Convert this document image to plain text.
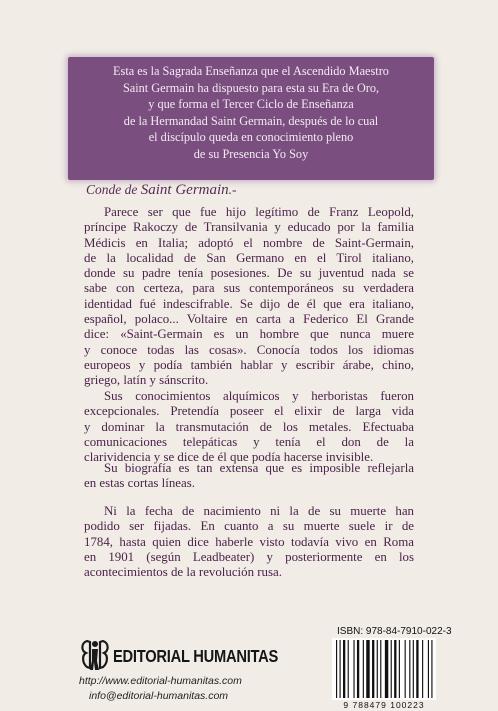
Esta es la Sagrada Enseñanza que el Ascendido Maestro
Saint Germain ha dispuesto para esta su Era de Oro,
y que forma el Tercer Ciclo de Enseñanza
de la Hermandad Saint Germain, después de lo cual
el discípulo queda en conocimiento pleno
de su Presencia Yo Soy
Conde de Saint Germain.-
Parece ser que fue hijo legítimo de Franz Leopold,
príncipe Rakoczy de Transilvania y educado por la familia
Médicis en Italia; adoptó el nombre de Saint-Germain,
de la localidad de San Germano en el Tirol italiano,
donde su padre tenía posesiones. De su juventud nada se
sabe con certeza, para sus contemporáneos su verdadera
identidad fué indescifrable. Se dijo de él que era italiano,
español, polaco... Voltaire en carta a Federico El Grande
dice: «Saint-Germain es un hombre que nunca muere
y conoce todas las cosas». Conocía todos los idiomas
europeos y podía también hablar y escribir árabe, chino,
griego, latín y sánscrito.
Sus conocimientos alquímicos y herboristas fueron
excepcionales. Pretendía poseer el elixir de larga vida
y dominar la transmutación de los metales. Efectuaba
comunicaciones telepáticas y tenía el don de la
clarividencia y se dice de él que podía hacerse invisible.
Su biografía es tan extensa que es imposible reflejarla
en estas cortas líneas.
Ni la fecha de nacimiento ni la de su muerte han
podido ser fijadas. En cuanto a su muerte suele ir de
1784, hasta quien dice haberle visto todavía vivo en Roma
en 1901 (según Leadbeater) y posteriormente en los
acontecimientos de la revolución rusa.
ISBN: 978-84-7910-022-3
9 788479 100223
EDITORIAL HUMANITAS
http://www.editorial-humanitas.com
info@editorial-humanitas.com
